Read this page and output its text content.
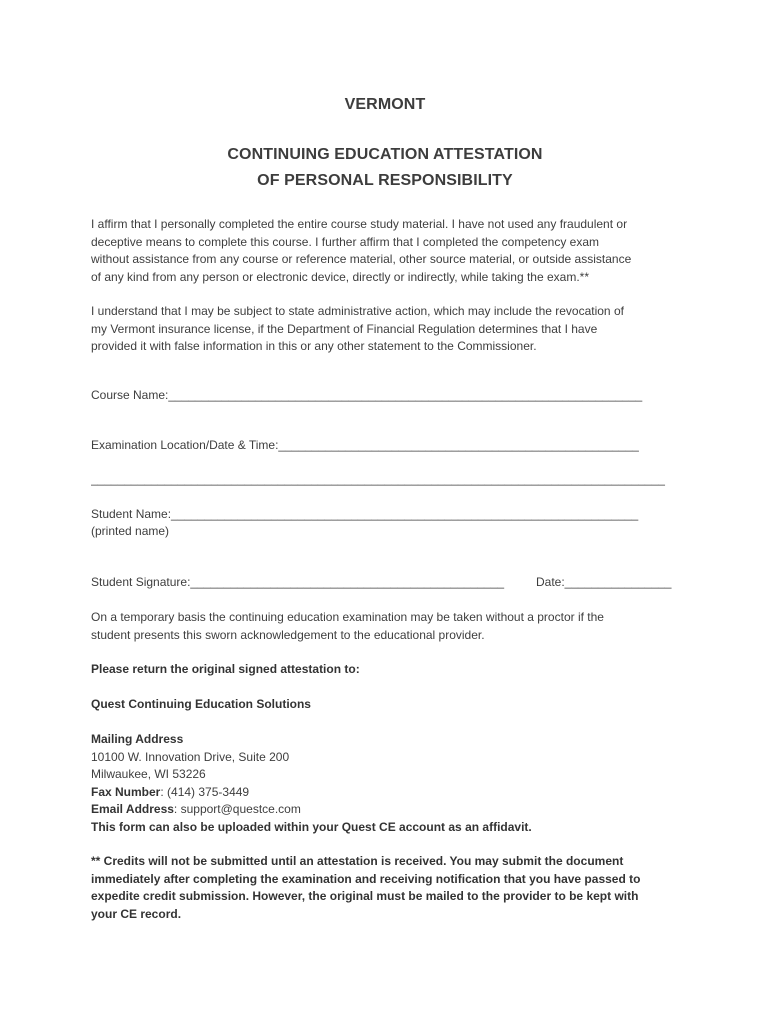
VERMONT
CONTINUING EDUCATION ATTESTATION
OF PERSONAL RESPONSIBILITY
I affirm that I personally completed the entire course study material. I have not used any fraudulent or
deceptive means to complete this course. I further affirm that I completed the competency exam
without assistance from any course or reference material, other source material, or outside assistance
of any kind from any person or electronic device, directly or indirectly, while taking the exam.**
I understand that I may be subject to state administrative action, which may include the revocation of
my Vermont insurance license, if the Department of Financial Regulation determines that I have
provided it with false information in this or any other statement to the Commissioner.
Course Name:_______________________________________________________________________
Examination Location/Date & Time:______________________________________________________
______________________________________________________________________________________
Student Name:______________________________________________________________________
(printed name)
Student Signature:_______________________________________________	Date:________________
On a temporary basis the continuing education examination may be taken without a proctor if the
student presents this sworn acknowledgement to the educational provider.
Please return the original signed attestation to:
Quest Continuing Education Solutions
Mailing Address
10100 W. Innovation Drive, Suite 200
Milwaukee, WI 53226
Fax Number: (414) 375-3449
Email Address: support@questce.com
This form can also be uploaded within your Quest CE account as an affidavit.
** Credits will not be submitted until an attestation is received. You may submit the document
immediately after completing the examination and receiving notification that you have passed to
expedite credit submission. However, the original must be mailed to the provider to be kept with
your CE record.
